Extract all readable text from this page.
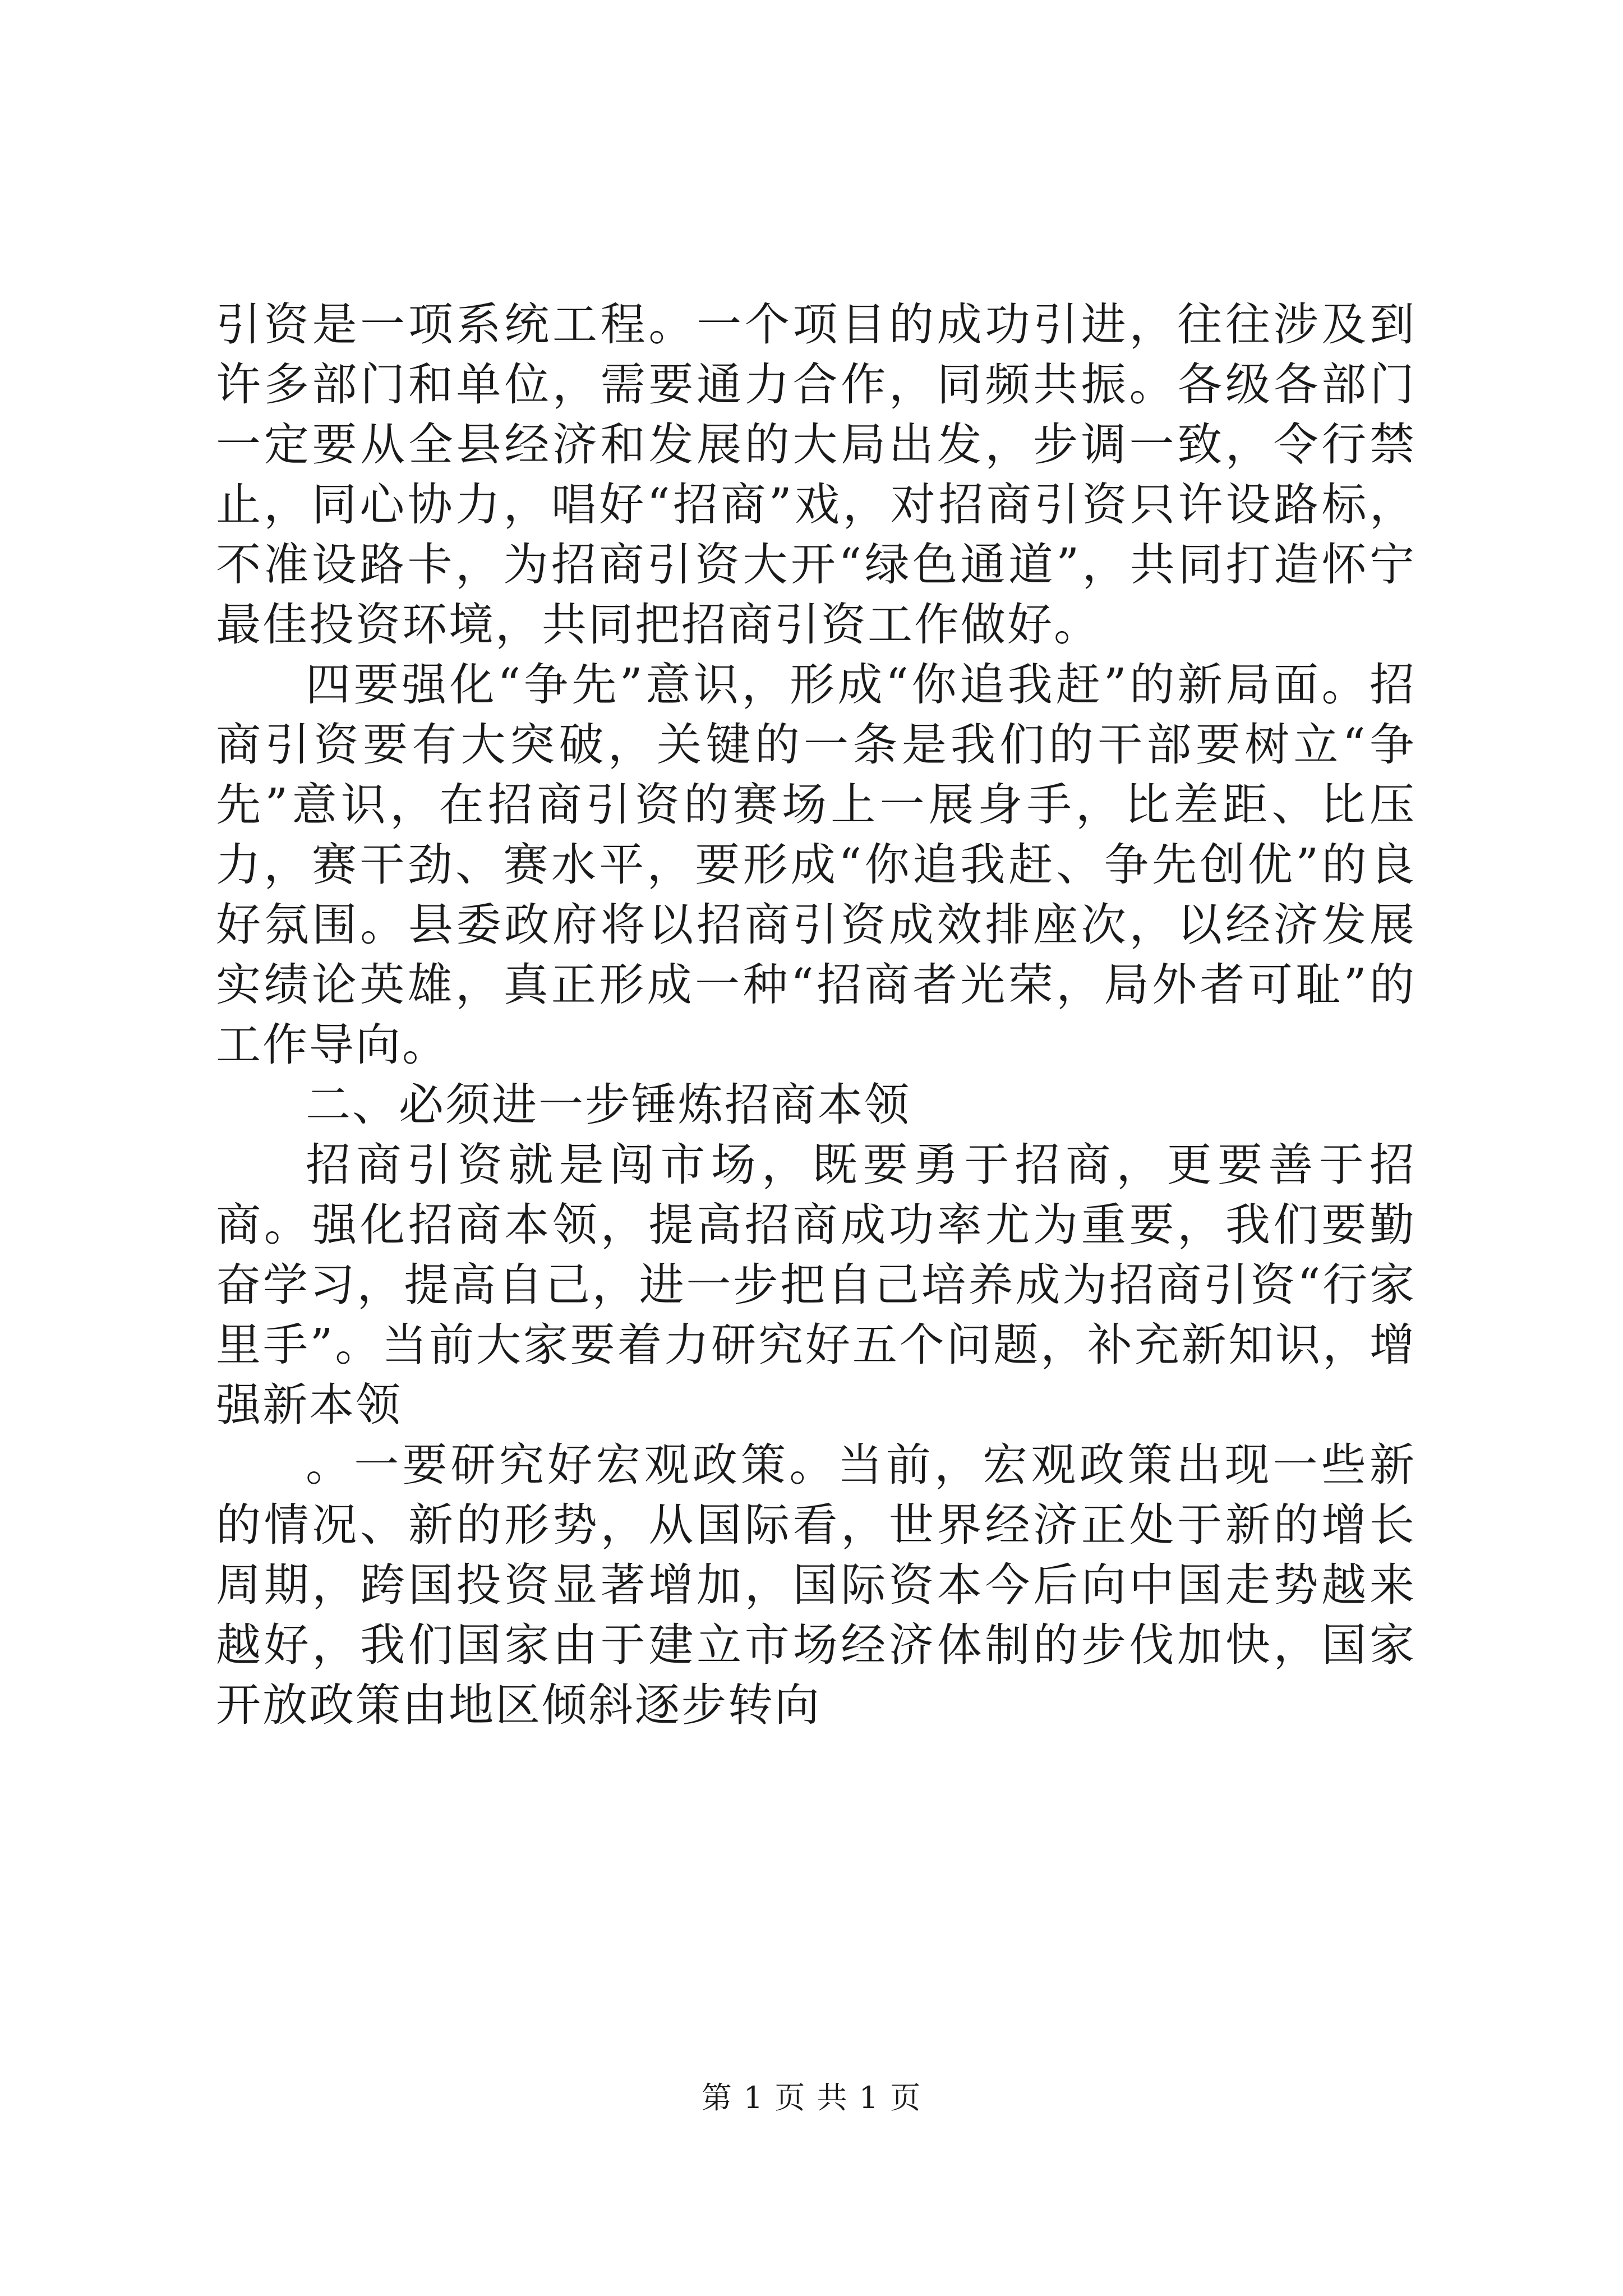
引资是一项系统工程。一个项目的成功引进，往往涉及到许多部门和单位，需要通力合作，同频共振。各级各部门一定要从全县经济和发展的大局出发，步调一致，令行禁止，同心协力，唱好“招商”戏，对招商引资只许设路标，不准设路卡，为招商引资大开“绿色通道”，共同打造怀宁最佳投资环境，共同把招商引资工作做好。

四要强化“争先”意识，形成“你追我赶”的新局面。招商引资要有大突破，关键的一条是我们的干部要树立“争先”意识，在招商引资的赛场上一展身手，比差距、比压力，赛干劲、赛水平，要形成“你追我赶、争先创优”的良好氛围。县委政府将以招商引资成效排座次，以经济发展实绩论英雄，真正形成一种“招商者光荣，局外者可耻”的工作导向。

二、必须进一步锤炼招商本领

招商引资就是闯市场，既要勇于招商，更要善于招商。强化招商本领，提高招商成功率尤为重要，我们要勤奋学习，提高自己，进一步把自己培养成为招商引资“行家里手”。当前大家要着力研究好五个问题，补充新知识，增强新本领

。一要研究好宏观政策。当前，宏观政策出现一些新的情况、新的形势，从国际看，世界经济正处于新的增长周期，跨国投资显著增加，国际资本今后向中国走势越来越好，我们国家由于建立市场经济体制的步伐加快，国家开放政策由地区倾斜逐步转向

第 1 页 共 1 页
